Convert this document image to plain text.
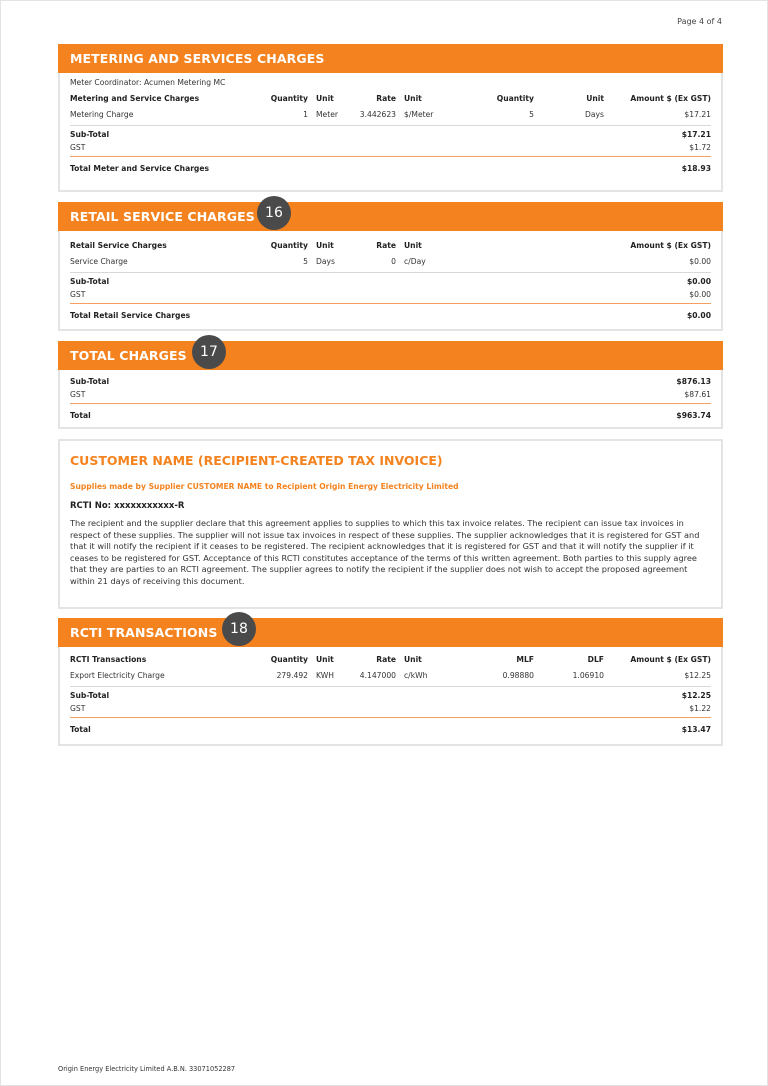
Page 4 of 4
METERING AND SERVICES CHARGES
Meter Coordinator: Acumen Metering MC
Metering and Service Charges	Quantity Unit	Rate Unit	Quantity	Unit	Amount $ (Ex GST)
Metering Charge	1 Meter	3.442623 $/Meter	5	Days	$17.21
Sub-Total	$17.21
GST	$1.72
Total Meter and Service Charges	$18.93
RETAIL SERVICE CHARGES 16
Retail Service Charges	Quantity Unit	Rate Unit	Amount $ (Ex GST)
Service Charge	5 Days	0 c/Day	$0.00
Sub-Total	$0.00
GST	$0.00
Total Retail Service Charges	$0.00
TOTAL CHARGES 17
Sub-Total	$876.13
GST	$87.61
Total	$963.74
CUSTOMER NAME (RECIPIENT-CREATED TAX INVOICE)
Supplies made by Supplier CUSTOMER NAME to Recipient Origin Energy Electricity Limited
RCTI No: xxxxxxxxxxx-R
The recipient and the supplier declare that this agreement applies to supplies to which this tax invoice relates. The recipient can issue tax invoices in respect of these supplies. The supplier will not issue tax invoices in respect of these supplies. The supplier acknowledges that it is registered for GST and that it will notify the recipient if it ceases to be registered. The recipient acknowledges that it is registered for GST and that it will notify the supplier if it ceases to be registered for GST. Acceptance of this RCTI constitutes acceptance of the terms of this written agreement. Both parties to this supply agree that they are parties to an RCTI agreement. The supplier agrees to notify the recipient if the supplier does not wish to accept the proposed agreement within 21 days of receiving this document.
RCTI TRANSACTIONS 18
RCTI Transactions	Quantity Unit	Rate Unit	MLF	DLF	Amount $ (Ex GST)
Export Electricity Charge	279.492 KWH	4.147000 c/kWh	0.98880	1.06910	$12.25
Sub-Total	$12.25
GST	$1.22
Total	$13.47
Origin Energy Electricity Limited A.B.N. 33071052287
